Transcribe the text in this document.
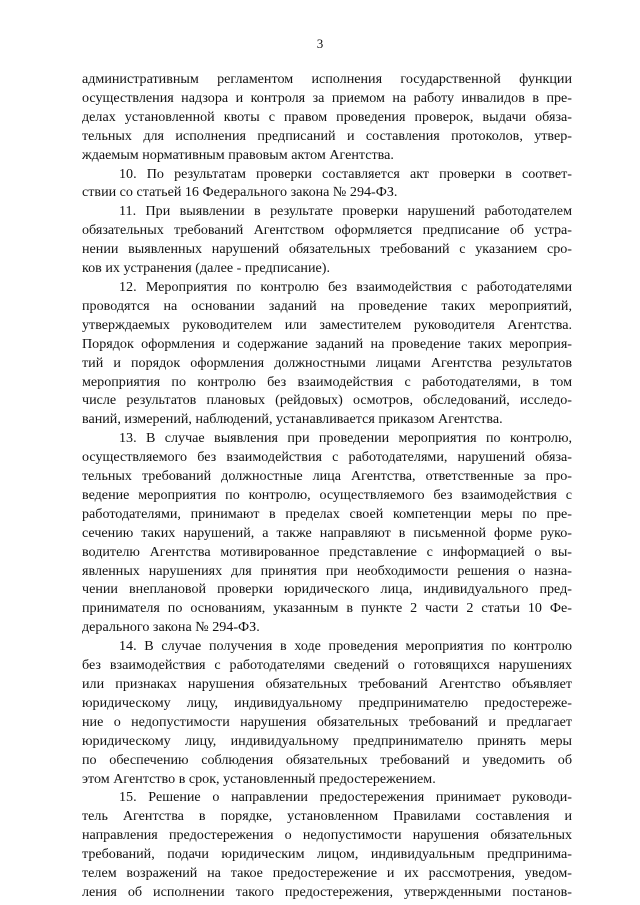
3
административным регламентом исполнения государственной функции
осуществления надзора и контроля за приемом на работу инвалидов в пре-
делах установленной квоты с правом проведения проверок, выдачи обяза-
тельных для исполнения предписаний и составления протоколов, утвер-
ждаемым нормативным правовым актом Агентства.
10. По результатам проверки составляется акт проверки в соответ-
ствии со статьей 16 Федерального закона № 294-ФЗ.
11. При выявлении в результате проверки нарушений работодателем
обязательных требований Агентством оформляется предписание об устра-
нении выявленных нарушений обязательных требований с указанием сро-
ков их устранения (далее - предписание).
12. Мероприятия по контролю без взаимодействия с работодателями
проводятся на основании заданий на проведение таких мероприятий,
утверждаемых руководителем или заместителем руководителя Агентства.
Порядок оформления и содержание заданий на проведение таких мероприя-
тий и порядок оформления должностными лицами Агентства результатов
мероприятия по контролю без взаимодействия с работодателями, в том
числе результатов плановых (рейдовых) осмотров, обследований, исследо-
ваний, измерений, наблюдений, устанавливается приказом Агентства.
13. В случае выявления при проведении мероприятия по контролю,
осуществляемого без взаимодействия с работодателями, нарушений обяза-
тельных требований должностные лица Агентства, ответственные за про-
ведение мероприятия по контролю, осуществляемого без взаимодействия с
работодателями, принимают в пределах своей компетенции меры по пре-
сечению таких нарушений, а также направляют в письменной форме руко-
водителю Агентства мотивированное представление с информацией о вы-
явленных нарушениях для принятия при необходимости решения о назна-
чении внеплановой проверки юридического лица, индивидуального пред-
принимателя по основаниям, указанным в пункте 2 части 2 статьи 10 Фе-
дерального закона № 294-ФЗ.
14. В случае получения в ходе проведения мероприятия по контролю
без взаимодействия с работодателями сведений о готовящихся нарушениях
или признаках нарушения обязательных требований Агентство объявляет
юридическому лицу, индивидуальному предпринимателю предостереже-
ние о недопустимости нарушения обязательных требований и предлагает
юридическому лицу, индивидуальному предпринимателю принять меры
по обеспечению соблюдения обязательных требований и уведомить об
этом Агентство в срок, установленный предостережением.
15. Решение о направлении предостережения принимает руководи-
тель Агентства в порядке, установленном Правилами составления и
направления предостережения о недопустимости нарушения обязательных
требований, подачи юридическим лицом, индивидуальным предпринима-
телем возражений на такое предостережение и их рассмотрения, уведом-
ления об исполнении такого предостережения, утвержденными постанов-
